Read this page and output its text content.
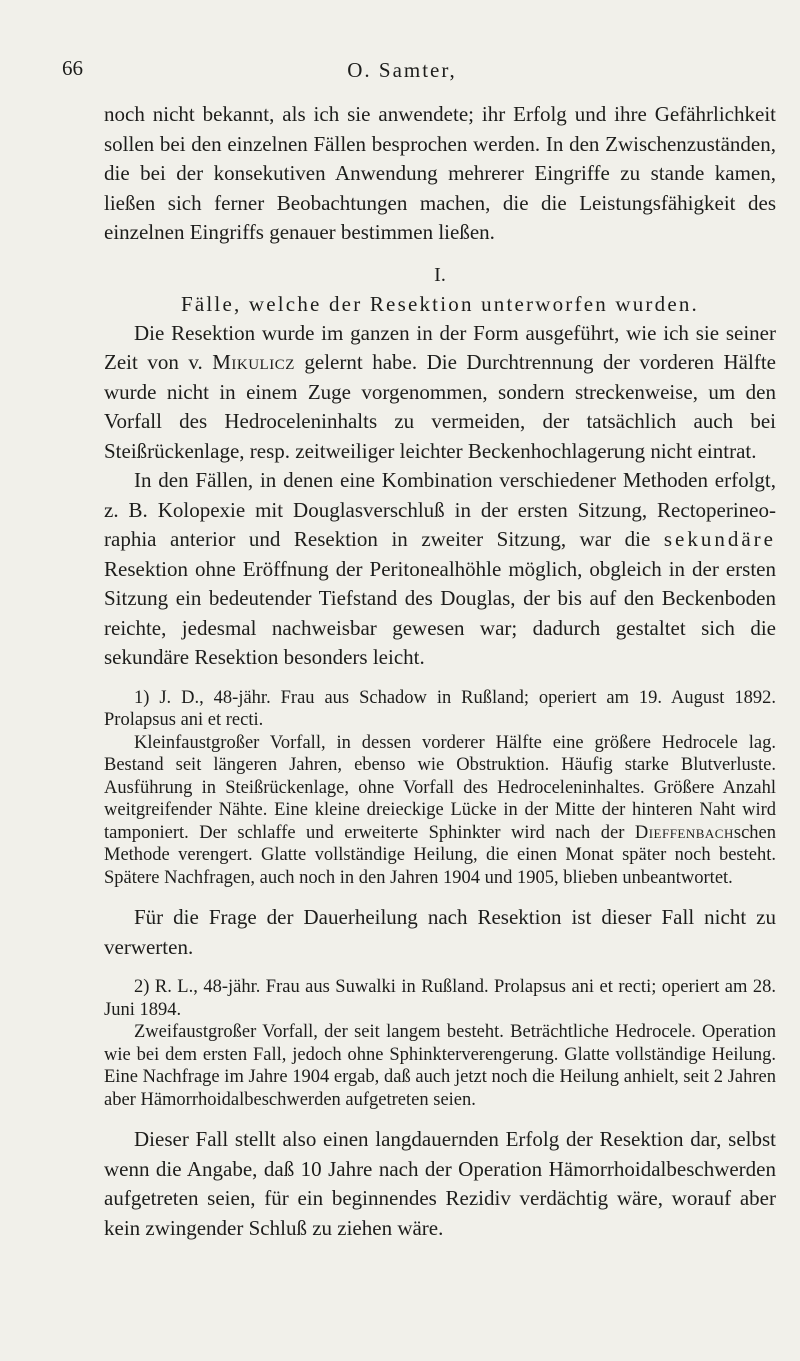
66	O. Samter,

noch nicht bekannt, als ich sie anwendete; ihr Erfolg und ihre Gefährlichkeit sollen bei den einzelnen Fällen besprochen werden. In den Zwischenzuständen, die bei der konsekutiven Anwendung mehrerer Eingriffe zu stande kamen, ließen sich ferner Beobachtungen machen, die die Leistungsfähigkeit des einzelnen Eingriffs genauer bestimmen ließen.

I.
Fälle, welche der Resektion unterworfen wurden.

Die Resektion wurde im ganzen in der Form ausgeführt, wie ich sie seiner Zeit von v. Mikulicz gelernt habe. Die Durchtrennung der vorderen Hälfte wurde nicht in einem Zuge vorgenommen, sondern streckenweise, um den Vorfall des Hedroceleninhalts zu vermeiden, der tatsächlich auch bei Steißrückenlage, resp. zeitweiliger leichter Beckenhochlagerung nicht eintrat.

In den Fällen, in denen eine Kombination verschiedener Methoden erfolgt, z. B. Kolopexie mit Douglasverschluß in der ersten Sitzung, Rectoperineo-raphia anterior und Resektion in zweiter Sitzung, war die sekundäre Resektion ohne Eröffnung der Peritonealhöhle möglich, obgleich in der ersten Sitzung ein bedeutender Tiefstand des Douglas, der bis auf den Beckenboden reichte, jedesmal nachweisbar gewesen war; dadurch gestaltet sich die sekundäre Resektion besonders leicht.

1) J. D., 48-jähr. Frau aus Schadow in Rußland; operiert am 19. August 1892. Prolapsus ani et recti.

Kleinfaustgroßer Vorfall, in dessen vorderer Hälfte eine größere Hedrocele lag. Bestand seit längeren Jahren, ebenso wie Obstruktion. Häufig starke Blutverluste. Ausführung in Steißrückenlage, ohne Vorfall des Hedroceleninhaltes. Größere Anzahl weitgreifender Nähte. Eine kleine dreieckige Lücke in der Mitte der hinteren Naht wird tamponiert. Der schlaffe und erweiterte Sphinkter wird nach der Dieffenbachschen Methode verengert. Glatte vollständige Heilung, die einen Monat später noch besteht. Spätere Nachfragen, auch noch in den Jahren 1904 und 1905, blieben unbeantwortet.

Für die Frage der Dauerheilung nach Resektion ist dieser Fall nicht zu verwerten.

2) R. L., 48-jähr. Frau aus Suwalki in Rußland. Prolapsus ani et recti; operiert am 28. Juni 1894.

Zweifaustgroßer Vorfall, der seit langem besteht. Beträchtliche Hedrocele. Operation wie bei dem ersten Fall, jedoch ohne Sphinkterverengerung. Glatte vollständige Heilung. Eine Nachfrage im Jahre 1904 ergab, daß auch jetzt noch die Heilung anhielt, seit 2 Jahren aber Hämorrhoidalbeschwerden aufgetreten seien.

Dieser Fall stellt also einen langdauernden Erfolg der Resektion dar, selbst wenn die Angabe, daß 10 Jahre nach der Operation Hämorrhoidalbeschwerden aufgetreten seien, für ein beginnendes Rezidiv verdächtig wäre, worauf aber kein zwingender Schluß zu ziehen wäre.
